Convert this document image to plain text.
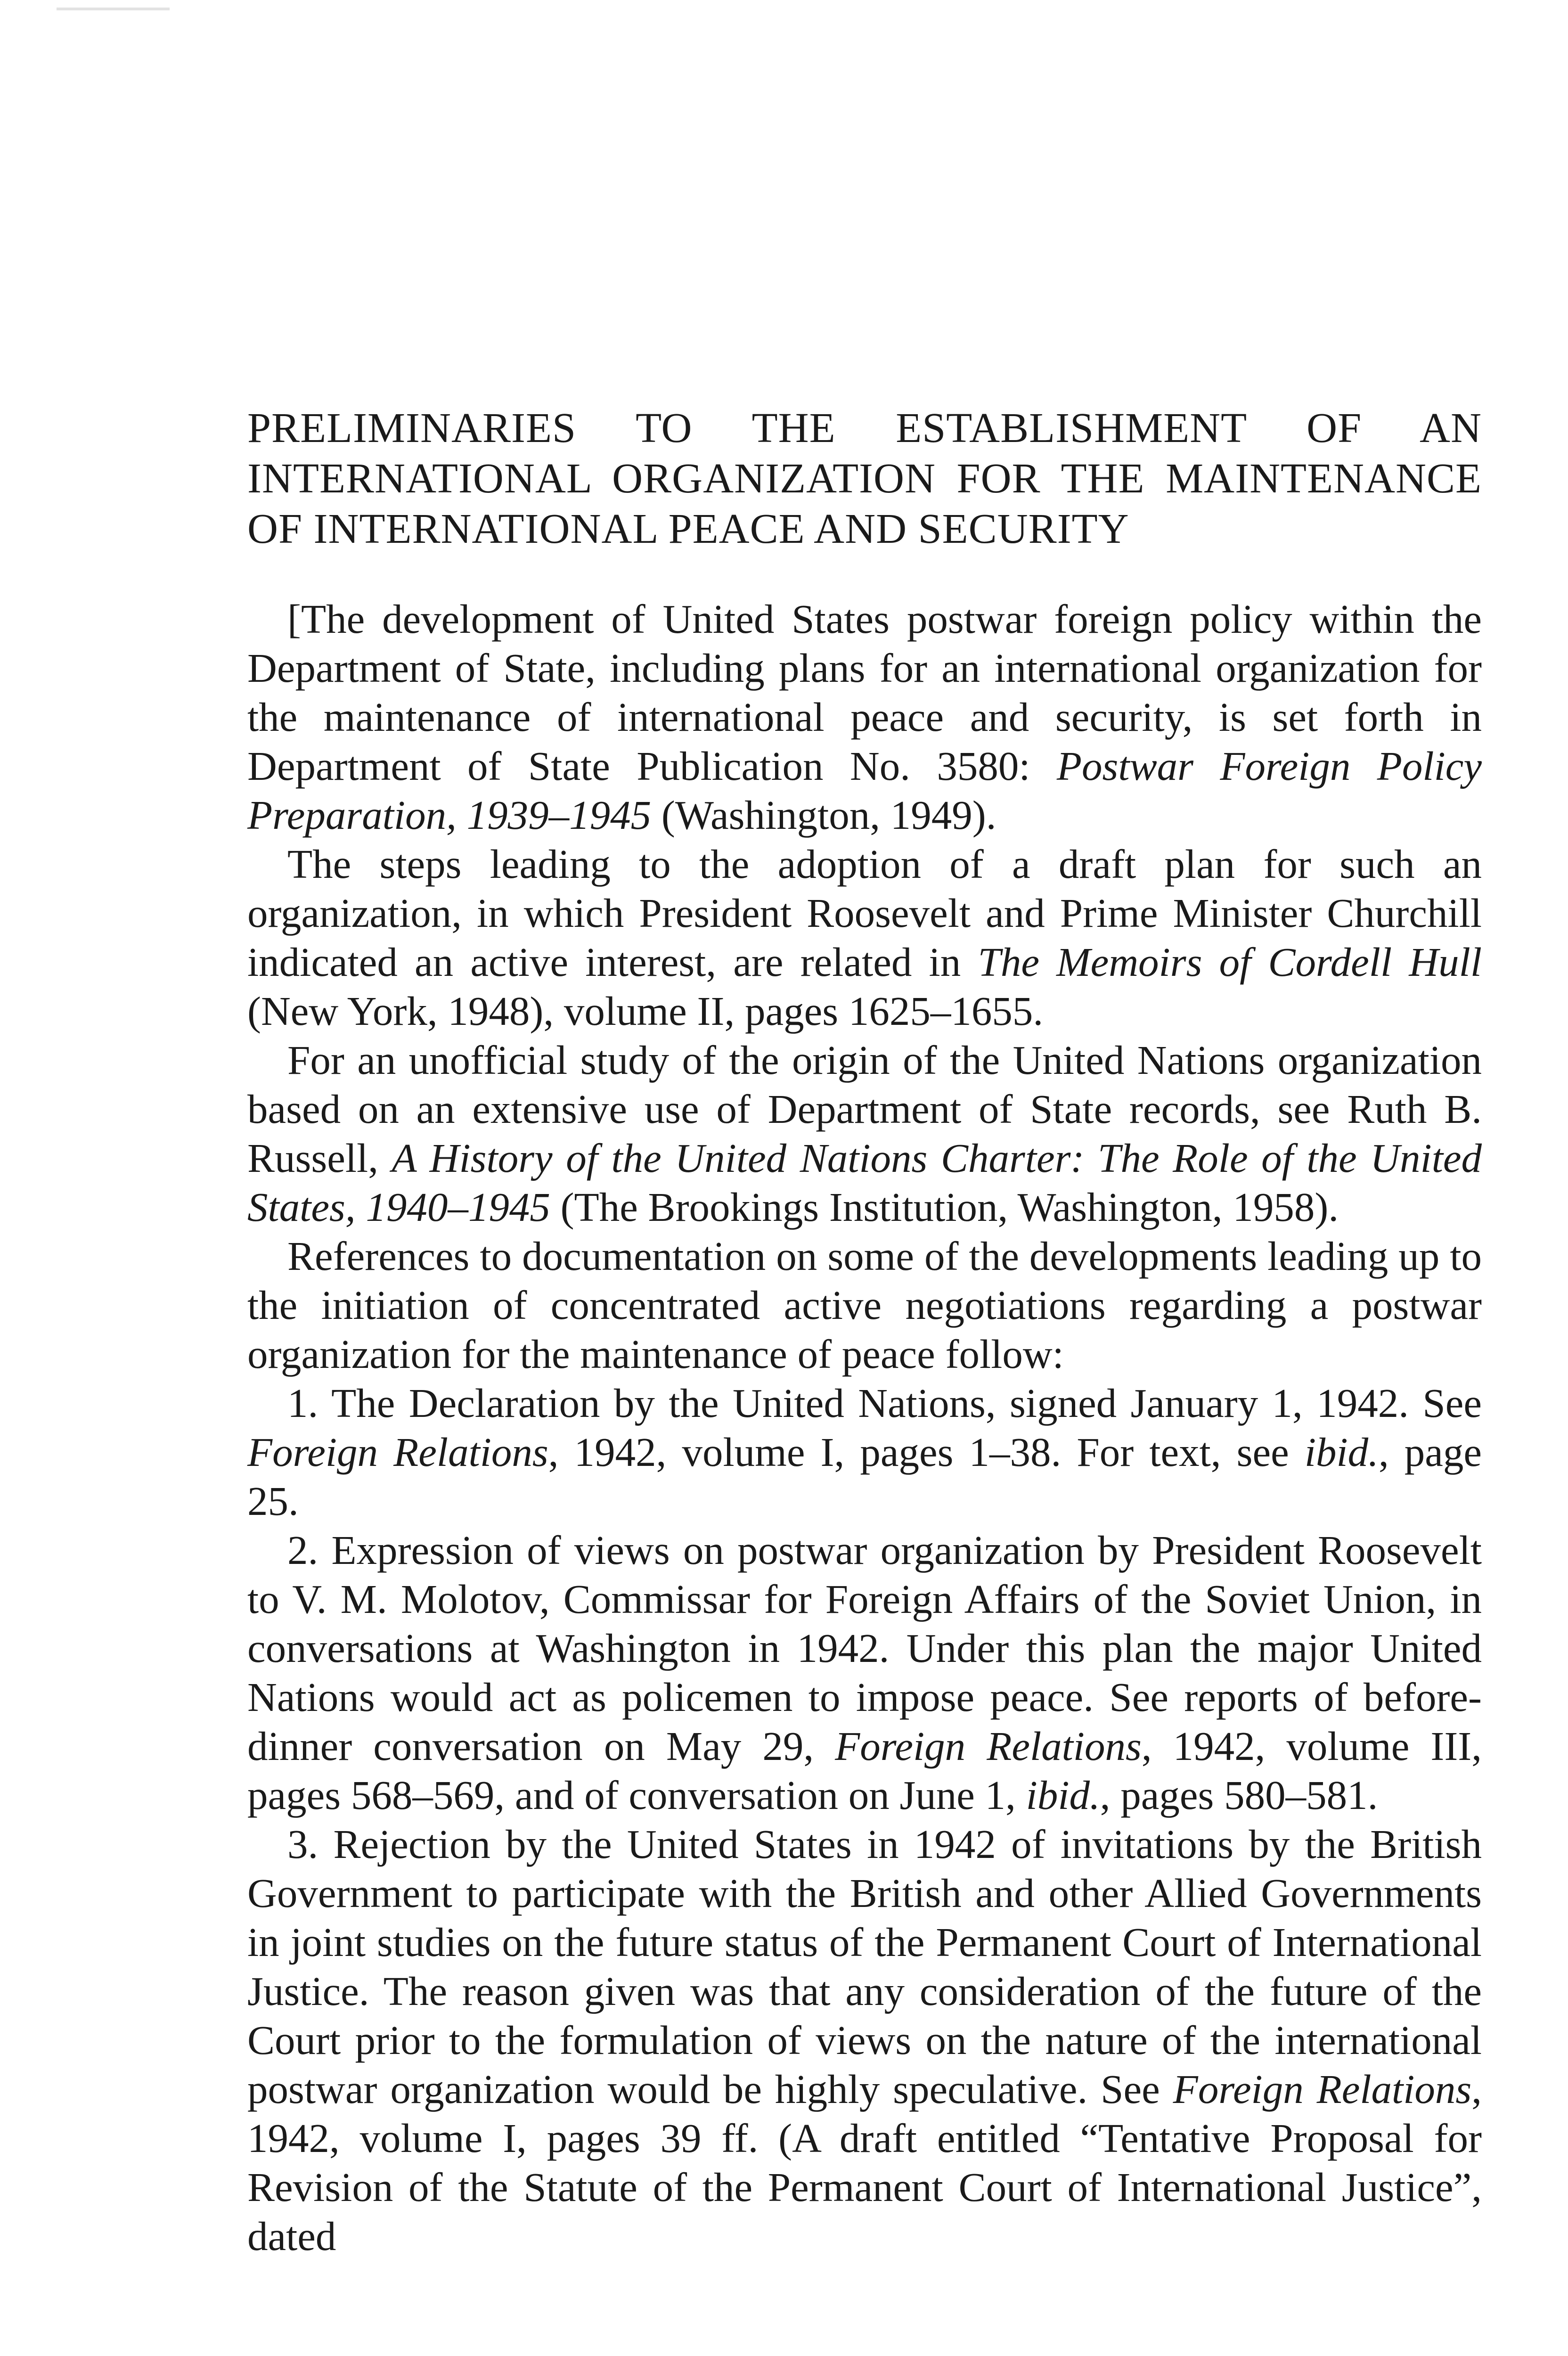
PRELIMINARIES TO THE ESTABLISHMENT OF AN INTERNATIONAL ORGANIZATION FOR THE MAINTENANCE OF INTERNATIONAL PEACE AND SECURITY

[The development of United States postwar foreign policy within the Department of State, including plans for an international organization for the maintenance of international peace and security, is set forth in Department of State Publication No. 3580: Postwar Foreign Policy Preparation, 1939–1945 (Washington, 1949).

The steps leading to the adoption of a draft plan for such an organization, in which President Roosevelt and Prime Minister Churchill indicated an active interest, are related in The Memoirs of Cordell Hull (New York, 1948), volume II, pages 1625–1655.

For an unofficial study of the origin of the United Nations organization based on an extensive use of Department of State records, see Ruth B. Russell, A History of the United Nations Charter: The Role of the United States, 1940–1945 (The Brookings Institution, Washington, 1958).

References to documentation on some of the developments leading up to the initiation of concentrated active negotiations regarding a postwar organization for the maintenance of peace follow:

1. The Declaration by the United Nations, signed January 1, 1942. See Foreign Relations, 1942, volume I, pages 1–38. For text, see ibid., page 25.

2. Expression of views on postwar organization by President Roosevelt to V. M. Molotov, Commissar for Foreign Affairs of the Soviet Union, in conversations at Washington in 1942. Under this plan the major United Nations would act as policemen to impose peace. See reports of before-dinner conversation on May 29, Foreign Relations, 1942, volume III, pages 568–569, and of conversation on June 1, ibid., pages 580–581.

3. Rejection by the United States in 1942 of invitations by the British Government to participate with the British and other Allied Governments in joint studies on the future status of the Permanent Court of International Justice. The reason given was that any consideration of the future of the Court prior to the formulation of views on the nature of the international postwar organization would be highly speculative. See Foreign Relations, 1942, volume I, pages 39 ff. (A draft entitled “Tentative Proposal for Revision of the Statute of the Permanent Court of International Justice”, dated
